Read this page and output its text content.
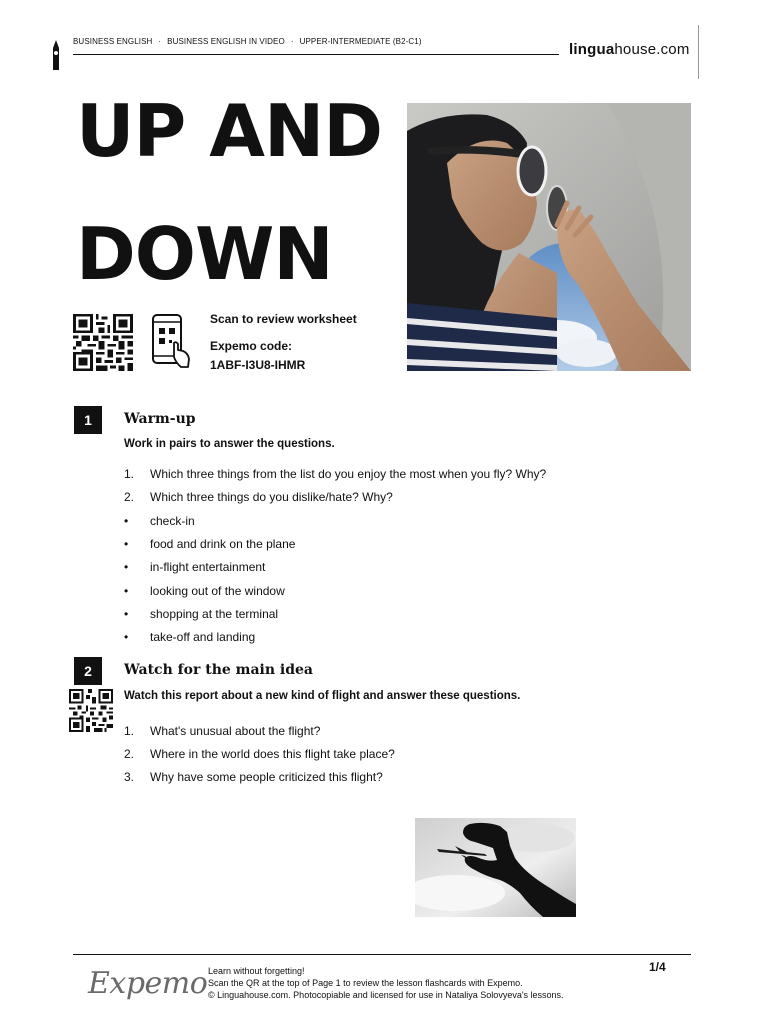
BUSINESS ENGLISH · BUSINESS ENGLISH IN VIDEO · UPPER-INTERMEDIATE (B2-C1)	linguahouse.com
UP AND
DOWN
Scan to review worksheet
Expemo code:
1ABF-I3U8-IHMR
1	Warm-up
Work in pairs to answer the questions.
1. Which three things from the list do you enjoy the most when you fly? Why?
2. Which three things do you dislike/hate? Why?
• check-in
• food and drink on the plane
• in-flight entertainment
• looking out of the window
• shopping at the terminal
• take-off and landing
2	Watch for the main idea
Watch this report about a new kind of flight and answer these questions.
1. What's unusual about the flight?
2. Where in the world does this flight take place?
3. Why have some people criticized this flight?
Expemo Learn without forgetting!
Scan the QR at the top of Page 1 to review the lesson flashcards with Expemo.
© Linguahouse.com. Photocopiable and licensed for use in Nataliya Solovyeva's lessons.
1/4
